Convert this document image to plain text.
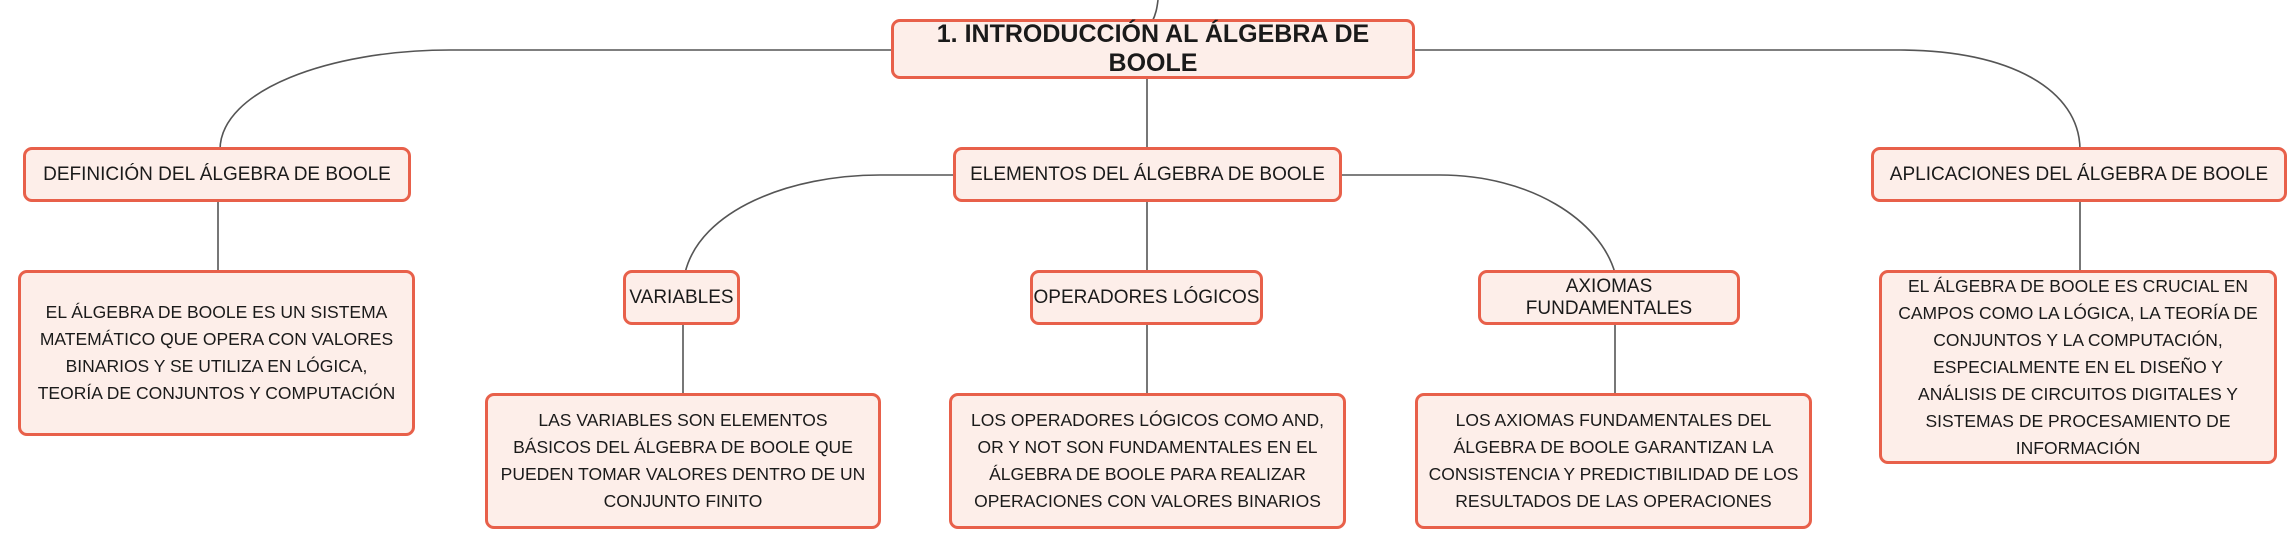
1. INTRODUCCIÓN AL ÁLGEBRA DE BOOLE
DEFINICIÓN DEL ÁLGEBRA DE BOOLE	ELEMENTOS DEL ÁLGEBRA DE BOOLE	APLICACIONES DEL ÁLGEBRA DE BOOLE
EL ÁLGEBRA DE BOOLE ES UN SISTEMA MATEMÁTICO QUE OPERA CON VALORES BINARIOS Y SE UTILIZA EN LÓGICA, TEORÍA DE CONJUNTOS Y COMPUTACIÓN
VARIABLES	OPERADORES LÓGICOS
AXIOMAS FUNDAMENTALES
EL ÁLGEBRA DE BOOLE ES CRUCIAL EN CAMPOS COMO LA LÓGICA, LA TEORÍA DE CONJUNTOS Y LA COMPUTACIÓN, ESPECIALMENTE EN EL DISEÑO Y ANÁLISIS DE CIRCUITOS DIGITALES Y SISTEMAS DE PROCESAMIENTO DE INFORMACIÓN
LAS VARIABLES SON ELEMENTOS BÁSICOS DEL ÁLGEBRA DE BOOLE QUE PUEDEN TOMAR VALORES DENTRO DE UN CONJUNTO FINITO
LOS OPERADORES LÓGICOS COMO AND, OR Y NOT SON FUNDAMENTALES EN EL ÁLGEBRA DE BOOLE PARA REALIZAR OPERACIONES CON VALORES BINARIOS
LOS AXIOMAS FUNDAMENTALES DEL ÁLGEBRA DE BOOLE GARANTIZAN LA CONSISTENCIA Y PREDICTIBILIDAD DE LOS RESULTADOS DE LAS OPERACIONES
